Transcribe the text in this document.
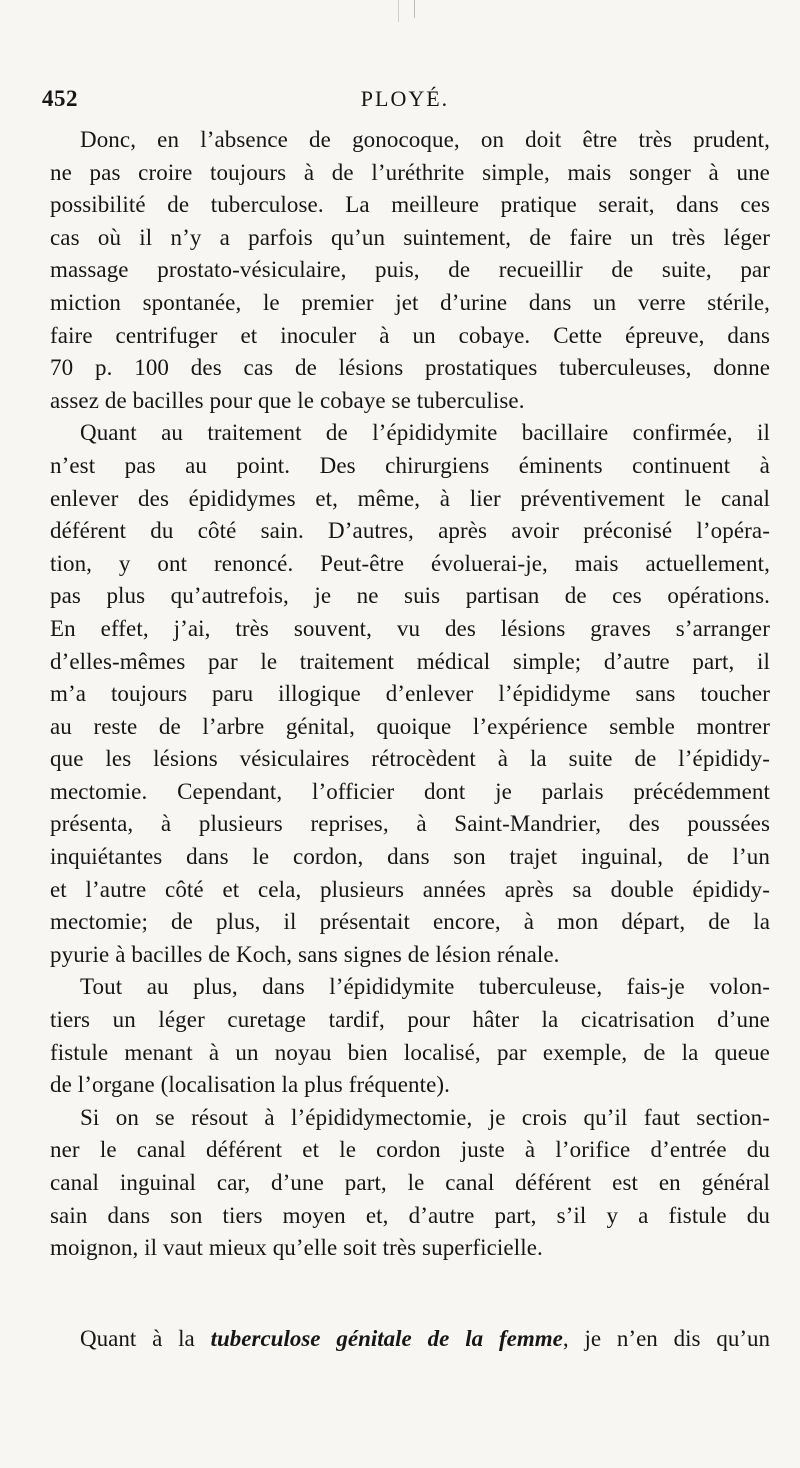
452	PLOYÉ.
Donc, en l’absence de gonocoque, on doit être très prudent,
ne pas croire toujours à de l’uréthrite simple, mais songer à une
possibilité de tuberculose. La meilleure pratique serait, dans ces
cas où il n’y a parfois qu’un suintement, de faire un très léger
massage prostato-vésiculaire, puis, de recueillir de suite, par
miction spontanée, le premier jet d’urine dans un verre stérile,
faire centrifuger et inoculer à un cobaye. Cette épreuve, dans
70 p. 100 des cas de lésions prostatiques tuberculeuses, donne
assez de bacilles pour que le cobaye se tuberculise.
Quant au traitement de l’épididymite bacillaire confirmée, il
n’est pas au point. Des chirurgiens éminents continuent à
enlever des épididymes et, même, à lier préventivement le canal
déférent du côté sain. D’autres, après avoir préconisé l’opéra-
tion, y ont renoncé. Peut-être évoluerai-je, mais actuellement,
pas plus qu’autrefois, je ne suis partisan de ces opérations.
En effet, j’ai, très souvent, vu des lésions graves s’arranger
d’elles-mêmes par le traitement médical simple; d’autre part, il
m’a toujours paru illogique d’enlever l’épididyme sans toucher
au reste de l’arbre génital, quoique l’expérience semble montrer
que les lésions vésiculaires rétrocèdent à la suite de l’épididy-
mectomie. Cependant, l’officier dont je parlais précédemment
présenta, à plusieurs reprises, à Saint-Mandrier, des poussées
inquiétantes dans le cordon, dans son trajet inguinal, de l’un
et l’autre côté et cela, plusieurs années après sa double épididy-
mectomie; de plus, il présentait encore, à mon départ, de la
pyurie à bacilles de Koch, sans signes de lésion rénale.
Tout au plus, dans l’épididymite tuberculeuse, fais-je volon-
tiers un léger curetage tardif, pour hâter la cicatrisation d’une
fistule menant à un noyau bien localisé, par exemple, de la queue
de l’organe (localisation la plus fréquente).
Si on se résout à l’épididymectomie, je crois qu’il faut section-
ner le canal déférent et le cordon juste à l’orifice d’entrée du
canal inguinal car, d’une part, le canal déférent est en général
sain dans son tiers moyen et, d’autre part, s’il y a fistule du
moignon, il vaut mieux qu’elle soit très superficielle.
Quant à la tuberculose génitale de la femme, je n’en dis qu’un
